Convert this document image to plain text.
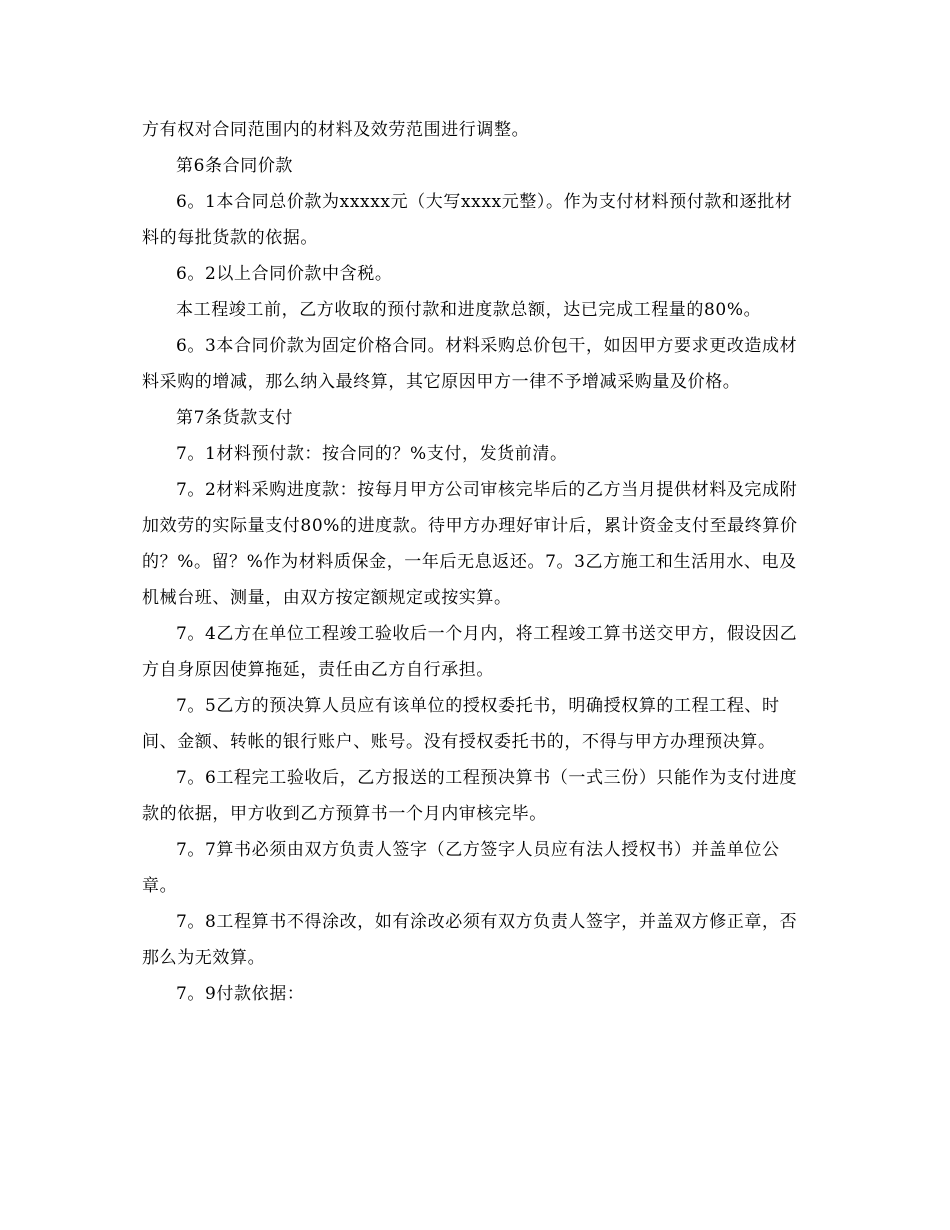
方有权对合同范围内的材料及效劳范围进行调整。

第6条合同价款

6。1本合同总价款为xxxxx元（大写xxxx元整）。作为支付材料预付款和逐批材料的每批货款的依据。

6。2以上合同价款中含税。

本工程竣工前，乙方收取的预付款和进度款总额，达已完成工程量的80%。

6。3本合同价款为固定价格合同。材料采购总价包干，如因甲方要求更改造成材料采购的增减，那么纳入最终算，其它原因甲方一律不予增减采购量及价格。

第7条货款支付

7。1材料预付款：按合同的？%支付，发货前清。

7。2材料采购进度款：按每月甲方公司审核完毕后的乙方当月提供材料及完成附加效劳的实际量支付80%的进度款。待甲方办理好审计后，累计资金支付至最终算价的？%。留？%作为材料质保金，一年后无息返还。7。3乙方施工和生活用水、电及机械台班、测量，由双方按定额规定或按实算。

7。4乙方在单位工程竣工验收后一个月内，将工程竣工算书送交甲方，假设因乙方自身原因使算拖延，责任由乙方自行承担。

7。5乙方的预决算人员应有该单位的授权委托书，明确授权算的工程工程、时间、金额、转帐的银行账户、账号。没有授权委托书的，不得与甲方办理预决算。

7。6工程完工验收后，乙方报送的工程预决算书（一式三份）只能作为支付进度款的依据，甲方收到乙方预算书一个月内审核完毕。

7。7算书必须由双方负责人签字（乙方签字人员应有法人授权书）并盖单位公章。

7。8工程算书不得涂改，如有涂改必须有双方负责人签字，并盖双方修正章，否那么为无效算。

7。9付款依据：
